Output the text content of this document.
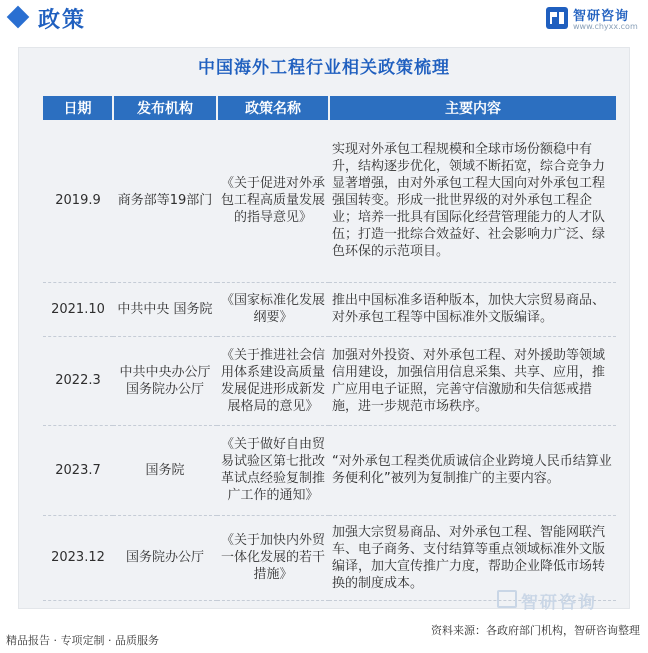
政策	智研咨询
www.chyxx.com
中国海外工程行业相关政策梳理
日期	发布机构	政策名称	主要内容
2019.9	商务部等19部门	《关于促进对外承包工程高质量发展的指导意见》	实现对外承包工程规模和全球市场份额稳中有升，结构逐步优化，领域不断拓宽，综合竞争力显著增强，由对外承包工程大国向对外承包工程强国转变。形成一批世界级的对外承包工程企业；培养一批具有国际化经营管理能力的人才队伍；打造一批综合效益好、社会影响力广泛、绿色环保的示范项目。
2021.10	中共中央 国务院	《国家标准化发展纲要》	推出中国标准多语种版本，加快大宗贸易商品、对外承包工程等中国标准外文版编译。
2022.3	中共中央办公厅国务院办公厅	《关于推进社会信用体系建设高质量发展促进形成新发展格局的意见》	加强对外投资、对外承包工程、对外援助等领域信用建设，加强信用信息采集、共享、应用，推广应用电子证照，完善守信激励和失信惩戒措施，进一步规范市场秩序。
2023.7	国务院	《关于做好自由贸易试验区第七批改革试点经验复制推广工作的通知》	“对外承包工程类优质诚信企业跨境人民币结算业务便利化”被列为复制推广的主要内容。
2023.12	国务院办公厅	《关于加快内外贸一体化发展的若干措施》	加强大宗贸易商品、对外承包工程、智能网联汽车、电子商务、支付结算等重点领域标准外文版编译，加大宣传推广力度，帮助企业降低市场转换的制度成本。
智研咨询
资料来源：各政府部门机构，智研咨询整理
精品报告 · 专项定制 · 品质服务
